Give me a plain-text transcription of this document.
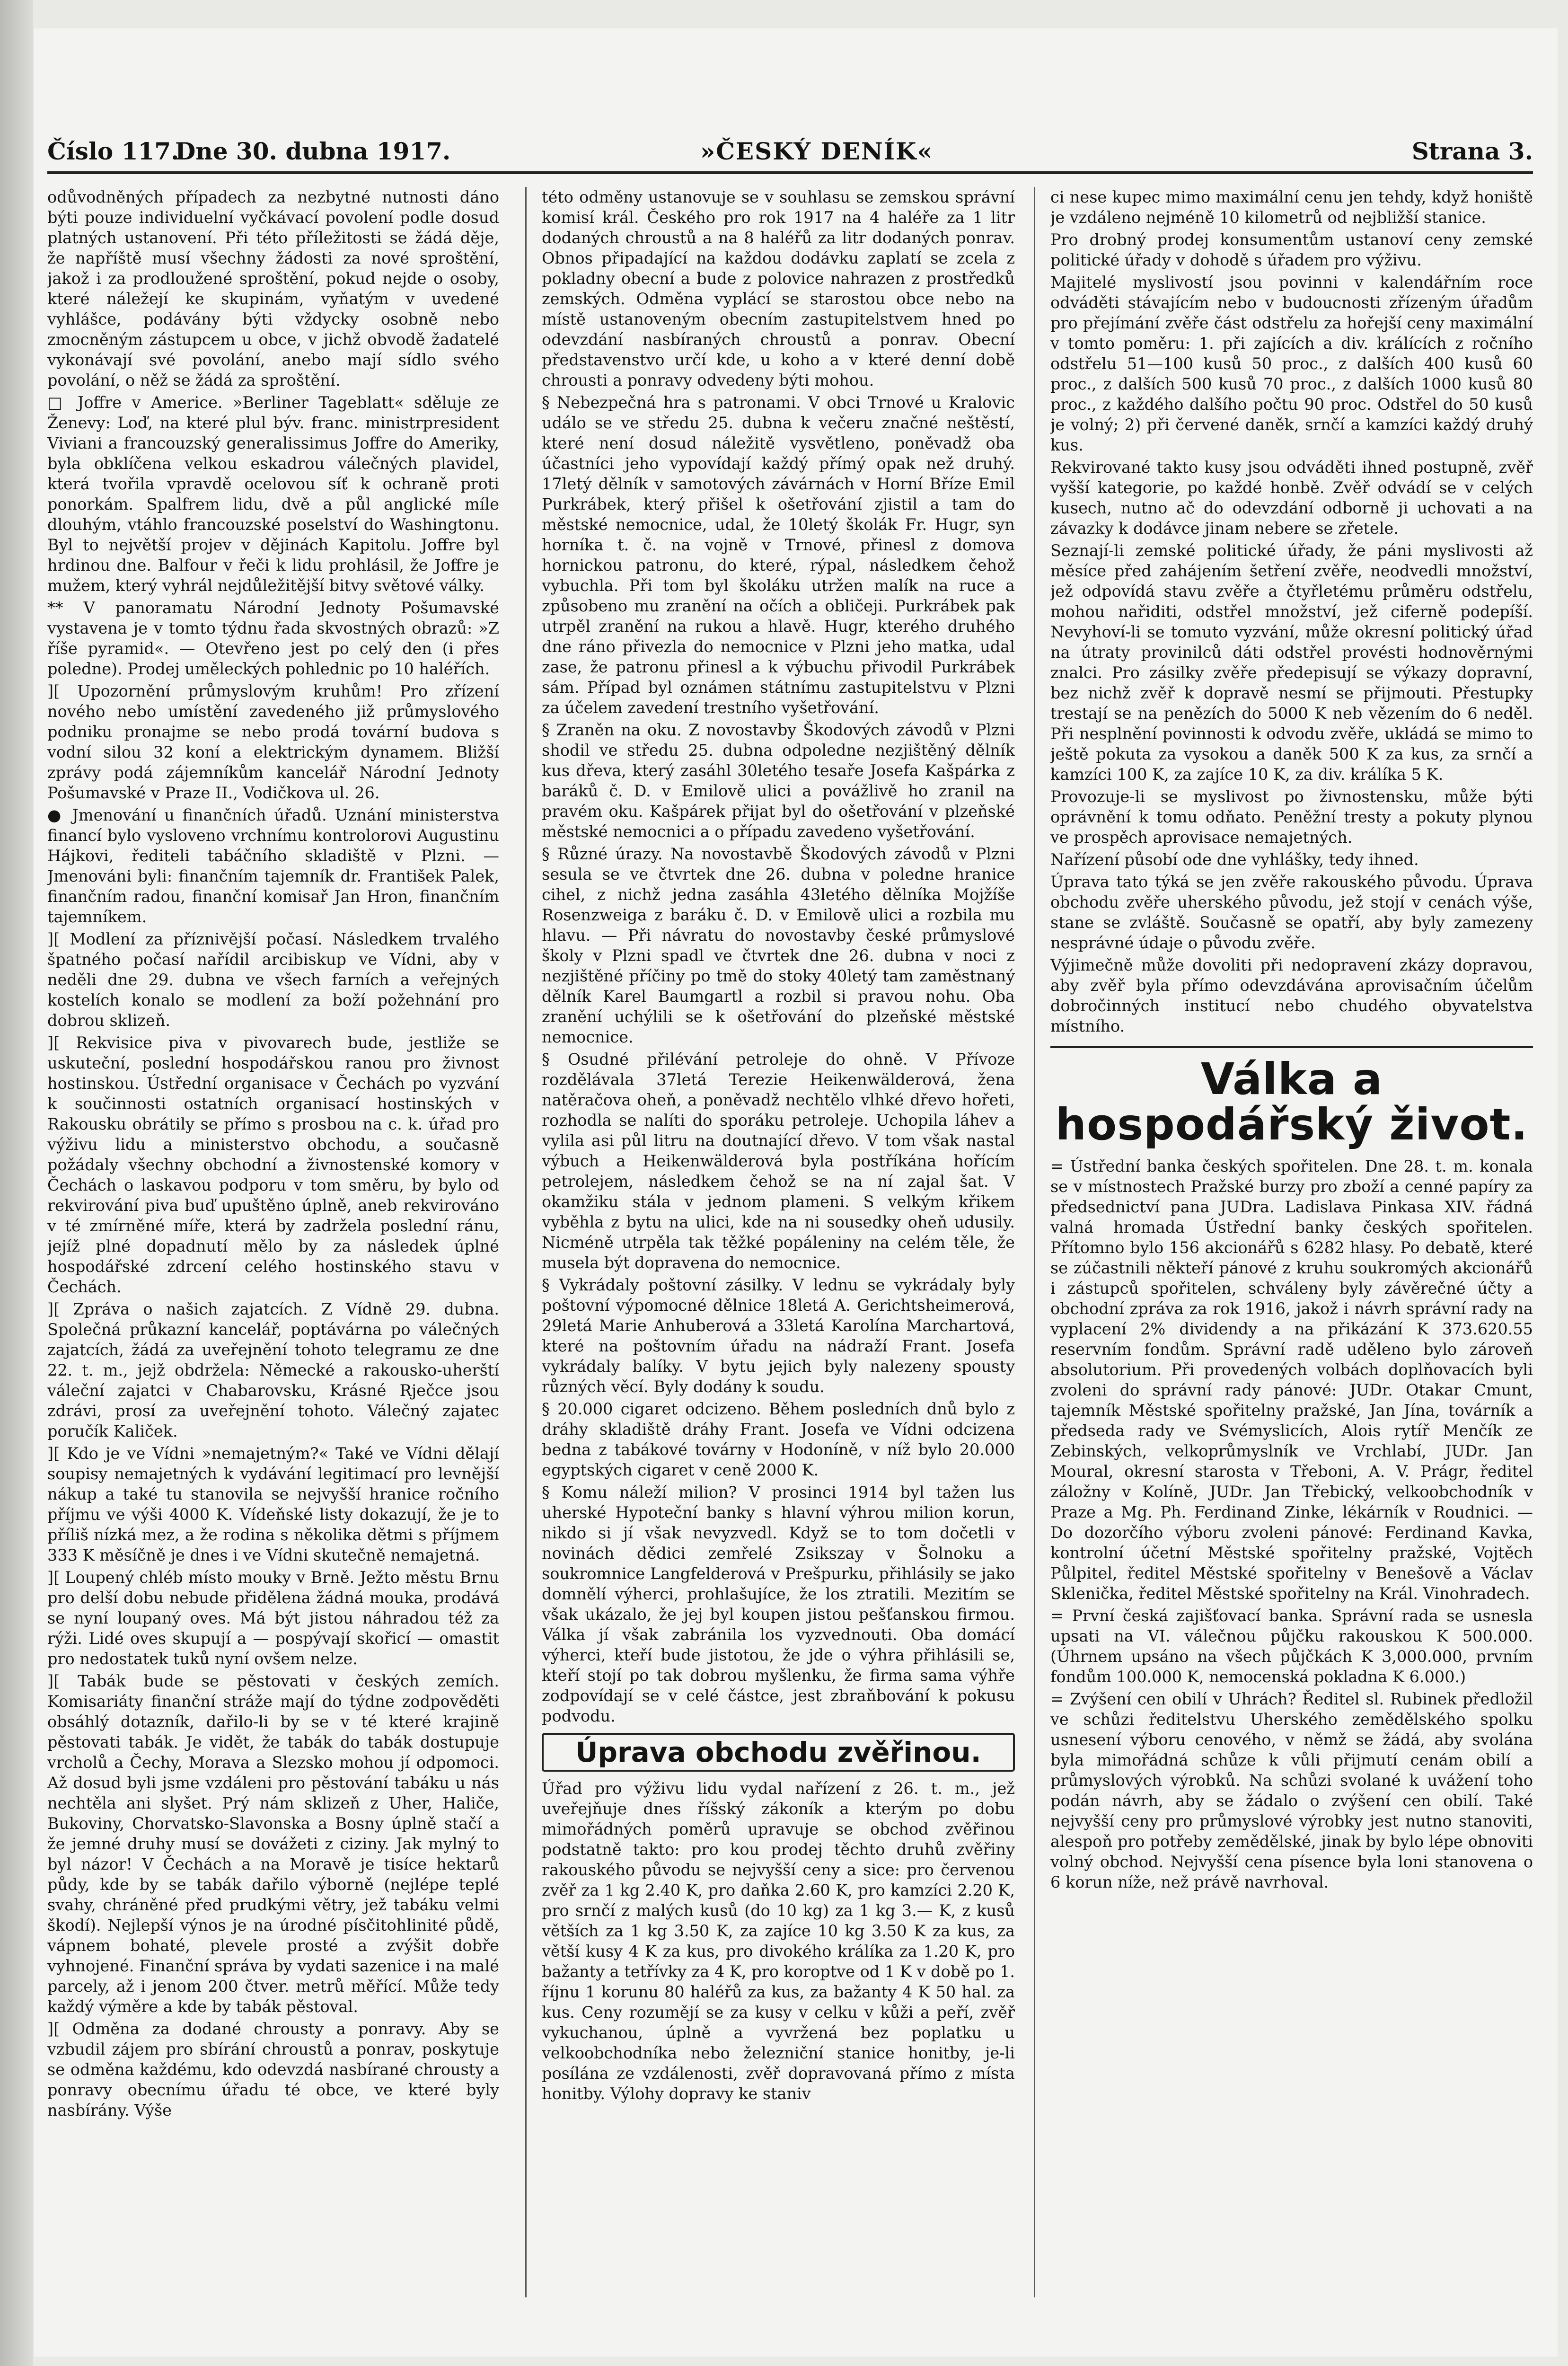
Číslo 117.
Dne 30. dubna 1917.	»ČESKÝ DENÍK«	Strana 3.

odůvodněných případech za nezbytné nutnosti dáno býti pouze individuelní vyčkávací povolení podle dosud platných ustanovení. Při této příležitosti se žádá děje, že napříště musí všechny žádosti za nové sproštění, jakož i za prodloužené sproštění, pokud nejde o osoby, které náležejí ke skupinám, vyňatým v uvedené vyhlášce, podávány býti vždycky osobně nebo zmocněným zástupcem u obce, v jichž obvodě žadatelé vykonávají své povolání, anebo mají sídlo svého povolání, o něž se žádá za sproštění.

□ Joffre v Americe. »Berliner Tageblatt« sděluje ze Ženevy: Loď, na které plul býv. franc. ministrpresident Viviani a francouzský generalissimus Joffre do Ameriky, byla obklíčena velkou eskadrou válečných plavidel, která tvořila vpravdě ocelovou síť k ochraně proti ponorkám. Spalfrem lidu, dvě a půl anglické míle dlouhým, vtáhlo francouzské poselství do Washingtonu. Byl to největší projev v dějinách Kapitolu. Joffre byl hrdinou dne. Balfour v řeči k lidu prohlásil, že Joffre je mužem, který vyhrál nejdůležitější bitvy světové války.

** V panoramatu Národní Jednoty Pošumavské vystavena je v tomto týdnu řada skvostných obrazů: »Z říše pyramid«. — Otevřeno jest po celý den (i přes poledne). Prodej uměleckých pohlednic po 10 haléřích.

][ Upozornění průmyslovým kruhům! Pro zřízení nového nebo umístění zavedeného již průmyslového podniku pronajme se nebo prodá tovární budova s vodní silou 32 koní a elektrickým dynamem. Bližší zprávy podá zájemníkům kancelář Národní Jednoty Pošumavské v Praze II., Vodičkova ul. 26.

● Jmenování u finančních úřadů. Uznání ministerstva financí bylo vysloveno vrchnímu kontrolorovi Augustinu Hájkovi, řediteli tabáčního skladiště v Plzni. — Jmenováni byli: finančním tajemník dr. František Palek, finančním radou, finanční komisař Jan Hron, finančním tajemníkem.

][ Modlení za příznivější počasí. Následkem trvalého špatného počasí nařídil arcibiskup ve Vídni, aby v neděli dne 29. dubna ve všech farních a veřejných kostelích konalo se modlení za boží požehnání pro dobrou sklizeň.

][ Rekvisice piva v pivovarech bude, jestliže se uskuteční, poslední hospodářskou ranou pro živnost hostinskou. Ústřední organisace v Čechách po vyzvání k součinnosti ostatních organisací hostinských v Rakousku obrátily se přímo s prosbou na c. k. úřad pro výživu lidu a ministerstvo obchodu, a současně požádaly všechny obchodní a živnostenské komory v Čechách o laskavou podporu v tom směru, by bylo od rekvirování piva buď upuštěno úplně, aneb rekvirováno v té zmírněné míře, která by zadržela poslední ránu, jejíž plné dopadnutí mělo by za následek úplné hospodářské zdrcení celého hostinského stavu v Čechách.

][ Zpráva o našich zajatcích. Z Vídně 29. dubna. Společná průkazní kancelář, poptávárna po válečných zajatcích, žádá za uveřejnění tohoto telegramu ze dne 22. t. m., jejž obdržela: Německé a rakousko-uherští váleční zajatci v Chabarovsku, Krásné Rječce jsou zdrávi, prosí za uveřejnění tohoto. Válečný zajatec poručík Kaliček.

][ Kdo je ve Vídni »nemajetným?« Také ve Vídni dělají soupisy nemajetných k vydávání legitimací pro levnější nákup a také tu stanovila se nejvyšší hranice ročního příjmu ve výši 4000 K. Vídeňské listy dokazují, že je to příliš nízká mez, a že rodina s několika dětmi s příjmem 333 K měsíčně je dnes i ve Vídni skutečně nemajetná.

][ Loupený chléb místo mouky v Brně. Ježto městu Brnu pro delší dobu nebude přidělena žádná mouka, prodává se nyní loupaný oves. Má být jistou náhradou též za rýži. Lidé oves skupují a — pospývají skořicí — omastit pro nedostatek tuků nyní ovšem nelze.

][ Tabák bude se pěstovati v českých zemích. Komisariáty finanční stráže mají do týdne zodpověděti obsáhlý dotazník, dařilo-li by se v té které krajině pěstovati tabák. Je vidět, že tabák do tabák dostupuje vrcholů a Čechy, Morava a Slezsko mohou jí odpomoci. Až dosud byli jsme vzdáleni pro pěstování tabáku u nás nechtěla ani slyšet. Prý nám sklizeň z Uher, Haliče, Bukoviny, Chorvatsko-Slavonska a Bosny úplně stačí a že jemné druhy musí se dovážeti z ciziny. Jak mylný to byl názor! V Čechách a na Moravě je tisíce hektarů půdy, kde by se tabák dařilo výborně (nejlépe teplé svahy, chráněné před prudkými větry, jež tabáku velmi škodí). Nejlepší výnos je na úrodné písčitohlinité půdě, vápnem bohaté, plevele prosté a zvýšit dobře vyhnojené. Finanční správa by vydati sazenice i na malé parcely, až i jenom 200 čtver. metrů měřící. Může tedy každý výměre a kde by tabák pěstoval.

][ Odměna za dodané chrousty a ponravy. Aby se vzbudil zájem pro sbírání chroustů a ponrav, poskytuje se odměna každému, kdo odevzdá nasbírané chrousty a ponravy obecnímu úřadu té obce, ve které byly nasbírány. Výše

této odměny ustanovuje se v souhlasu se zemskou správní komisí král. Českého pro rok 1917 na 4 haléře za 1 litr dodaných chroustů a na 8 haléřů za litr dodaných ponrav. Obnos připadající na každou dodávku zaplatí se zcela z pokladny obecní a bude z polovice nahrazen z prostředků zemských. Odměna vyplácí se starostou obce nebo na místě ustanoveným obecním zastupitelstvem hned po odevzdání nasbíraných chroustů a ponrav. Obecní představenstvo určí kde, u koho a v které denní době chrousti a ponravy odvedeny býti mohou.

§ Nebezpečná hra s patronami. V obci Trnové u Kralovic událo se ve středu 25. dubna k večeru značné neštěstí, které není dosud náležitě vysvětleno, poněvadž oba účastníci jeho vypovídají každý přímý opak než druhý. 17letý dělník v samotových závárnách v Horní Bříze Emil Purkrábek, který přišel k ošetřování zjistil a tam do městské nemocnice, udal, že 10letý školák Fr. Hugr, syn horníka t. č. na vojně v Trnové, přinesl z domova hornickou patronu, do které, rýpal, následkem čehož vybuchla. Při tom byl školáku utržen malík na ruce a způsobeno mu zranění na očích a obličeji. Purkrábek pak utrpěl zranění na rukou a hlavě. Hugr, kterého druhého dne ráno přivezla do nemocnice v Plzni jeho matka, udal zase, že patronu přinesl a k výbuchu přivodil Purkrábek sám. Případ byl oznámen státnímu zastupitelstvu v Plzni za účelem zavedení trestního vyšetřování.

§ Zraněn na oku. Z novostavby Škodových závodů v Plzni shodil ve středu 25. dubna odpoledne nezjištěný dělník kus dřeva, který zasáhl 30letého tesaře Josefa Kašpárka z baráků č. D. v Emilově ulici a povážlivě ho zranil na pravém oku. Kašpárek přijat byl do ošetřování v plzeňské městské nemocnici a o případu zavedeno vyšetřování.

§ Různé úrazy. Na novostavbě Škodových závodů v Plzni sesula se ve čtvrtek dne 26. dubna v poledne hranice cihel, z nichž jedna zasáhla 43letého dělníka Mojžíše Rosenzweiga z baráku č. D. v Emilově ulici a rozbila mu hlavu. — Při návratu do novostavby české průmyslové školy v Plzni spadl ve čtvrtek dne 26. dubna v noci z nezjištěné příčiny po tmě do stoky 40letý tam zaměstnaný dělník Karel Baumgartl a rozbil si pravou nohu. Oba zranění uchýlili se k ošetřování do plzeňské městské nemocnice.

§ Osudné přilévání petroleje do ohně. V Přívoze rozdělávala 37letá Terezie Heikenwälderová, žena natěračova oheň, a poněvadž nechtělo vlhké dřevo hořeti, rozhodla se nalíti do sporáku petroleje. Uchopila láhev a vylila asi půl litru na doutnající dřevo. V tom však nastal výbuch a Heikenwälderová byla postříkána hořícím petrolejem, následkem čehož se na ní zajal šat. V okamžiku stála v jednom plameni. S velkým křikem vyběhla z bytu na ulici, kde na ni sousedky oheň udusily. Nicméně utrpěla tak těžké popáleniny na celém těle, že musela být dopravena do nemocnice.

§ Vykrádaly poštovní zásilky. V lednu se vykrádaly byly poštovní výpomocné dělnice 18letá A. Gerichtsheimerová, 29letá Marie Anhuberová a 33letá Karolína Marchartová, které na poštovním úřadu na nádraží Frant. Josefa vykrádaly balíky. V bytu jejich byly nalezeny spousty různých věcí. Byly dodány k soudu.

§ 20.000 cigaret odcizeno. Během posledních dnů bylo z dráhy skladiště dráhy Frant. Josefa ve Vídni odcizena bedna z tabákové továrny v Hodoníně, v níž bylo 20.000 egyptských cigaret v ceně 2000 K.

§ Komu náleží milion? V prosinci 1914 byl tažen lus uherské Hypoteční banky s hlavní výhrou milion korun, nikdo si jí však nevyzvedl. Když se to tom dočetli v novinách dědici zemřelé Zsikszay v Šolnoku a soukromnice Langfelderová v Prešpurku, přihlásily se jako domnělí výherci, prohlašujíce, že los ztratili. Mezitím se však ukázalo, že jej byl koupen jistou pešťanskou firmou. Válka jí však zabránila los vyzvednouti. Oba domácí výherci, kteří bude jistotou, že jde o výhra přihlásili se, kteří stojí po tak dobrou myšlenku, že firma sama výhře zodpovídají se v celé částce, jest zbraňbování k pokusu podvodu.

Úprava obchodu zvěřinou.

Úřad pro výživu lidu vydal nařízení z 26. t. m., jež uveřejňuje dnes říšský zákoník a kterým po dobu mimořádných poměrů upravuje se obchod zvěřinou podstatně takto: pro kou prodej těchto druhů zvěřiny rakouského původu se nejvyšší ceny a sice: pro červenou zvěř za 1 kg 2.40 K, pro daňka 2.60 K, pro kamzíci 2.20 K, pro srnčí z malých kusů (do 10 kg) za 1 kg 3.— K, z kusů větších za 1 kg 3.50 K, za zajíce 10 kg 3.50 K za kus, za větší kusy 4 K za kus, pro divokého králíka za 1.20 K, pro bažanty a tetřívky za 4 K, pro koroptve od 1 K v době po 1. říjnu 1 korunu 80 haléřů za kus, za bažanty 4 K 50 hal. za kus. Ceny rozumějí se za kusy v celku v kůži a peří, zvěř vykuchanou, úplně a vyvržená bez poplatku u velkoobchodníka nebo železniční stanice honitby, je-li posílána ze vzdálenosti, zvěř dopravovaná přímo z místa honitby. Výlohy dopravy ke staniv

ci nese kupec mimo maximální cenu jen tehdy, když honiště je vzdáleno nejméně 10 kilometrů od nejbližší stanice.

Pro drobný prodej konsumentům ustanoví ceny zemské politické úřady v dohodě s úřadem pro výživu.

Majitelé myslivostí jsou povinni v kalendářním roce odváděti stávajícím nebo v budoucnosti zřízeným úřadům pro přejímání zvěře část odstřelu za hořejší ceny maximální v tomto poměru: 1. při zajících a div. králících z ročního odstřelu 51—100 kusů 50 proc., z dalších 400 kusů 60 proc., z dalších 500 kusů 70 proc., z dalších 1000 kusů 80 proc., z každého dalšího počtu 90 proc. Odstřel do 50 kusů je volný; 2) při červené daněk, srnčí a kamzíci každý druhý kus.

Rekvirované takto kusy jsou odváděti ihned postupně, zvěř vyšší kategorie, po každé honbě. Zvěř odvádí se v celých kusech, nutno ač do odevzdání odborně ji uchovati a na závazky k dodávce jinam nebere se zřetele.

Seznají-li zemské politické úřady, že páni myslivosti až měsíce před zahájením šetření zvěře, neodvedli množství, jež odpovídá stavu zvěře a čtyřletému průměru odstřelu, mohou nařiditi, odstřel množství, jež ciferně podepíší. Nevyhoví-li se tomuto vyzvání, může okresní politický úřad na útraty provinilců dáti odstřel provésti hodnověrnými znalci. Pro zásilky zvěře předepisují se výkazy dopravní, bez nichž zvěř k dopravě nesmí se přijmouti. Přestupky trestají se na penězích do 5000 K neb vězením do 6 neděl. Při nesplnění povinnosti k odvodu zvěře, ukládá se mimo to ještě pokuta za vysokou a daněk 500 K za kus, za srnčí a kamzíci 100 K, za zajíce 10 K, za div. králíka 5 K.

Provozuje-li se myslivost po živnostensku, může býti oprávnění k tomu odňato. Peněžní tresty a pokuty plynou ve prospěch aprovisace nemajetných.

Nařízení působí ode dne vyhlášky, tedy ihned.

Úprava tato týká se jen zvěře rakouského původu. Úprava obchodu zvěře uherského původu, jež stojí v cenách výše, stane se zvláště. Současně se opatří, aby byly zamezeny nesprávné údaje o původu zvěře.

Výjimečně může dovoliti při nedopravení zkázy dopravou, aby zvěř byla přímo odevzdávána aprovisačním účelům dobročinných institucí nebo chudého obyvatelstva místního.

Válka a hospodářský život.

= Ústřední banka českých spořitelen. Dne 28. t. m. konala se v místnostech Pražské burzy pro zboží a cenné papíry za předsednictví pana JUDra. Ladislava Pinkasa XIV. řádná valná hromada Ústřední banky českých spořitelen. Přítomno bylo 156 akcionářů s 6282 hlasy. Po debatě, které se zúčastnili někteří pánové z kruhu soukromých akcionářů i zástupců spořitelen, schváleny byly závěrečné účty a obchodní zpráva za rok 1916, jakož i návrh správní rady na vyplacení 2% dividendy a na přikázání K 373.620.55 reservním fondům. Správní radě uděleno bylo zároveň absolutorium. Při provedených volbách doplňovacích byli zvoleni do správní rady pánové: JUDr. Otakar Cmunt, tajemník Městské spořitelny pražské, Jan Jína, továrník a předseda rady ve Svémyslicích, Alois rytíř Menčík ze Zebinských, velkoprůmyslník ve Vrchlabí, JUDr. Jan Moural, okresní starosta v Třeboni, A. V. Prágr, ředitel záložny v Kolíně, JUDr. Jan Třebický, velkoobchodník v Praze a Mg. Ph. Ferdinand Zinke, lékárník v Roudnici. — Do dozorčího výboru zvoleni pánové: Ferdinand Kavka, kontrolní účetní Městské spořitelny pražské, Vojtěch Půlpitel, ředitel Městské spořitelny v Benešově a Václav Sklenička, ředitel Městské spořitelny na Král. Vinohradech.

= První česká zajišťovací banka. Správní rada se usnesla upsati na VI. válečnou půjčku rakouskou K 500.000. (Úhrnem upsáno na všech půjčkách K 3,000.000, prvním fondům 100.000 K, nemocenská pokladna K 6.000.)

= Zvýšení cen obilí v Uhrách? Ředitel sl. Rubinek předložil ve schůzi ředitelstvu Uherského zemědělského spolku usnesení výboru cenového, v němž se žádá, aby svolána byla mimořádná schůze k vůli přijmutí cenám obilí a průmyslových výrobků. Na schůzi svolané k uvážení toho podán návrh, aby se žádalo o zvýšení cen obilí. Také nejvyšší ceny pro průmyslové výrobky jest nutno stanoviti, alespoň pro potřeby zemědělské, jinak by bylo lépe obnoviti volný obchod. Nejvyšší cena písence byla loni stanovena o 6 korun níže, než právě navrhoval.
